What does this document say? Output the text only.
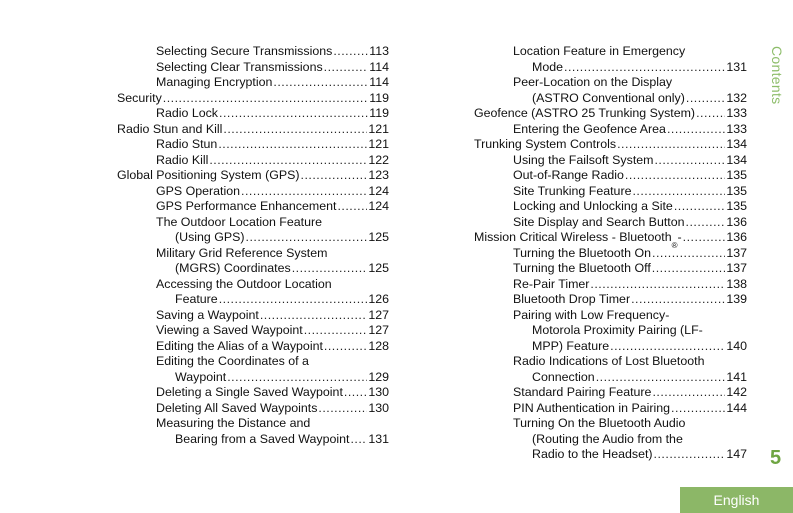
Selecting Secure Transmissions .....	113
Selecting Clear Transmissions .....	114
Managing Encryption .....	114
Security .....	119
Radio Lock .....	119
Radio Stun and Kill .....	121
Radio Stun .....	121
Radio Kill .....	122
Global Positioning System (GPS) .....	123
GPS Operation .....	124
GPS Performance Enhancement .....	124
The Outdoor Location Feature
(Using GPS) .....	125
Military Grid Reference System
(MGRS) Coordinates .....	125
Accessing the Outdoor Location
Feature .....	126
Saving a Waypoint .....	127
Viewing a Saved Waypoint .....	127
Editing the Alias of a Waypoint .....	128
Editing the Coordinates of a
Waypoint .....	129
Deleting a Single Saved Waypoint ..... 130
Deleting All Saved Waypoints .....	130
Measuring the Distance and
Bearing from a Saved Waypoint ..... 131
Location Feature in Emergency
Mode .....	131
Peer-Location on the Display
(ASTRO Conventional only) .....	132
Geofence (ASTRO 25 Trunking System) .....	133
Entering the Geofence Area .....	133
Trunking System Controls .....	134
Using the Failsoft System .....	134
Out-of-Range Radio .....	135
Site Trunking Feature .....	135
Locking and Unlocking a Site .....	135
Site Display and Search Button .....	136
Mission Critical Wireless - Bluetooth
®
- .....	136
Turning the Bluetooth On .....	137
Turning the Bluetooth Off .....	137
Re-Pair Timer .....	138
Bluetooth Drop Timer .....	139
Pairing with Low Frequency-
Motorola Proximity Pairing (LF-
MPP) Feature .....	140
Radio Indications of Lost Bluetooth
Connection .....	141
Standard Pairing Feature .....	142
PIN Authentication in Pairing .....	144
Turning On the Bluetooth Audio
(Routing the Audio from the
Radio to the Headset) .....	147
Contents
5
English
